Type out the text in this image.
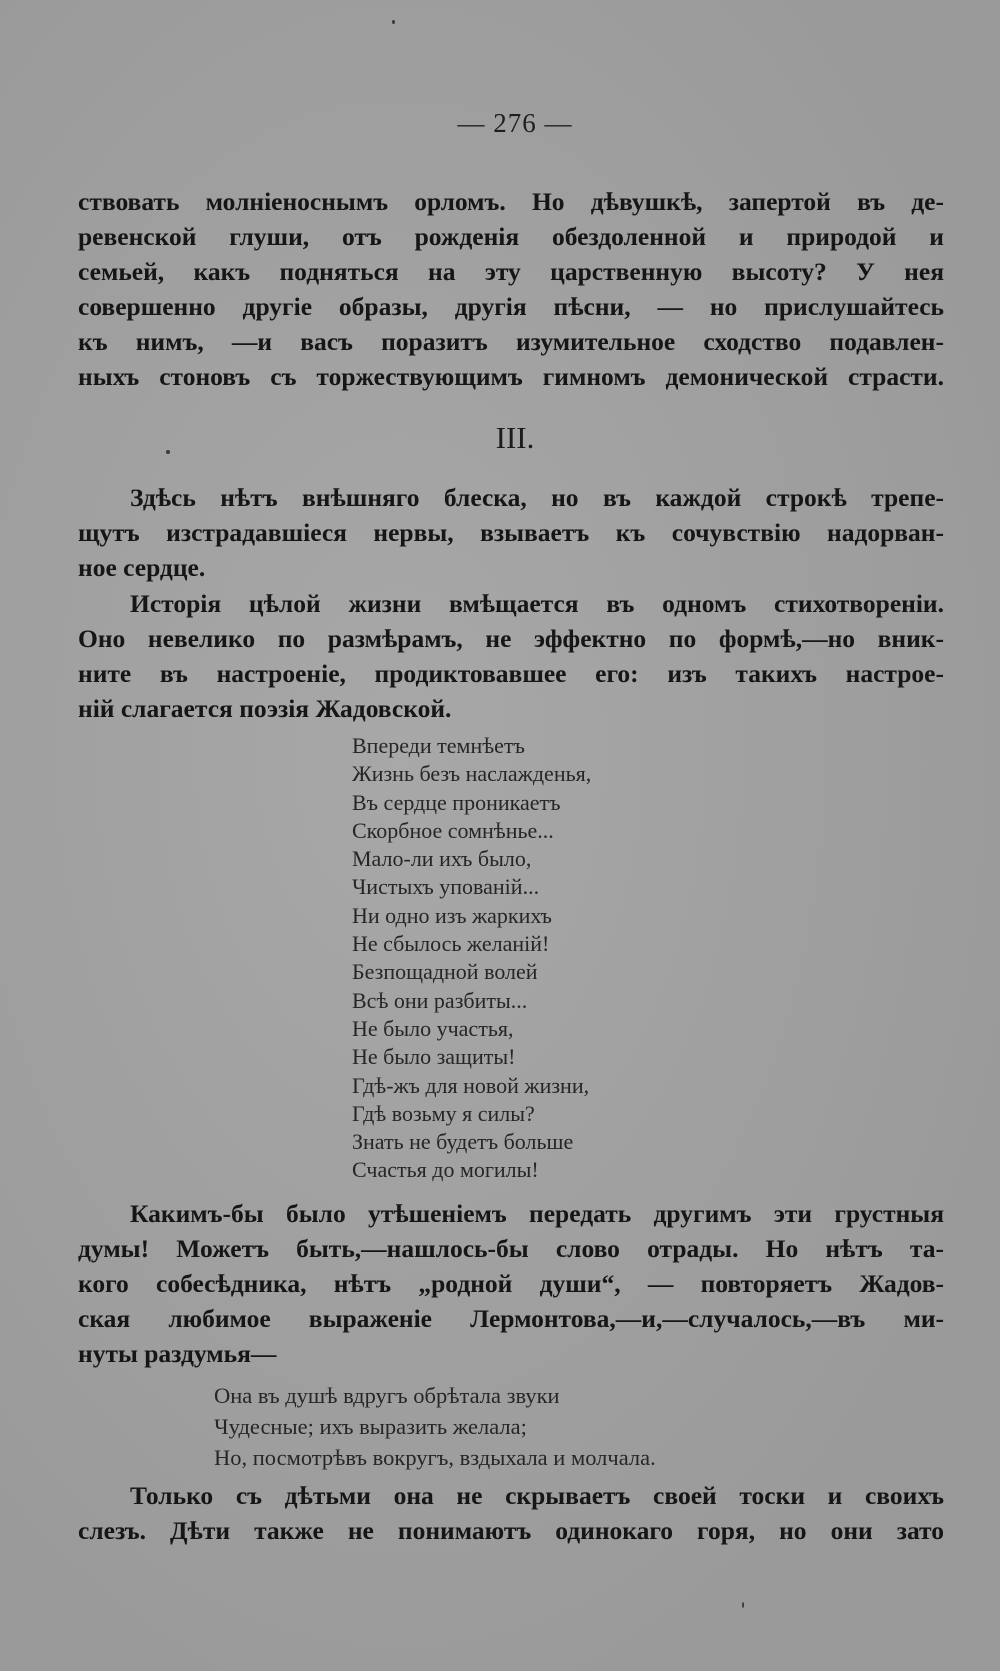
— 276 —
ствовать молнiеноснымъ орломъ. Но дѣвушкѣ, запертой въ де-
ревенской глуши, отъ рожденiя обездоленной и природой и
семьей, какъ подняться на эту царственную высоту? У нея
совершенно другiе образы, другiя пѣсни, — но прислушайтесь
къ нимъ, —и васъ поразитъ изумительное сходство подавлен-
ныхъ стоновъ съ торжествующимъ гимномъ демонической страсти.
III.
Здѣсь нѣтъ внѣшняго блеска, но въ каждой строкѣ трепе-
щутъ изстрадавшiеся нервы, взываетъ къ сочувствiю надорван-
ное сердце.
Исторiя цѣлой жизни вмѣщается въ одномъ стихотворенiи.
Оно невелико по размѣрамъ, не эффектно по формѣ,—но вник-
ните въ настроенiе, продиктовавшее его: изъ такихъ настрое-
нiй слагается поэзiя Жадовской.
Впереди темнѣетъ
Жизнь безъ наслажденья,
Въ сердце проникаетъ
Скорбное сомнѣнье...
Мало-ли ихъ было,
Чистыхъ упованiй...
Ни одно изъ жаркихъ
Не сбылось желанiй!
Безпощадной волей
Всѣ они разбиты...
Не было участья,
Не было защиты!
Гдѣ-жъ для новой жизни,
Гдѣ возьму я силы?
Знать не будетъ больше
Счастья до могилы!
Какимъ-бы было утѣшенiемъ передать другимъ эти грустныя
думы! Можетъ быть,—нашлось-бы слово отрады. Но нѣтъ та-
кого собесѣдника, нѣтъ „родной души“, — повторяетъ Жадов-
ская любимое выраженiе Лермонтова,—и,—случалось,—въ ми-
нуты раздумья—
Она въ душѣ вдругъ обрѣтала звуки
Чудесные; ихъ выразить желала;
Но, посмотрѣвъ вокругъ, вздыхала и молчала.
Только съ дѣтьми она не скрываетъ своей тоски и своихъ
слезъ. Дѣти также не понимаютъ одинокаго горя, но они зато
